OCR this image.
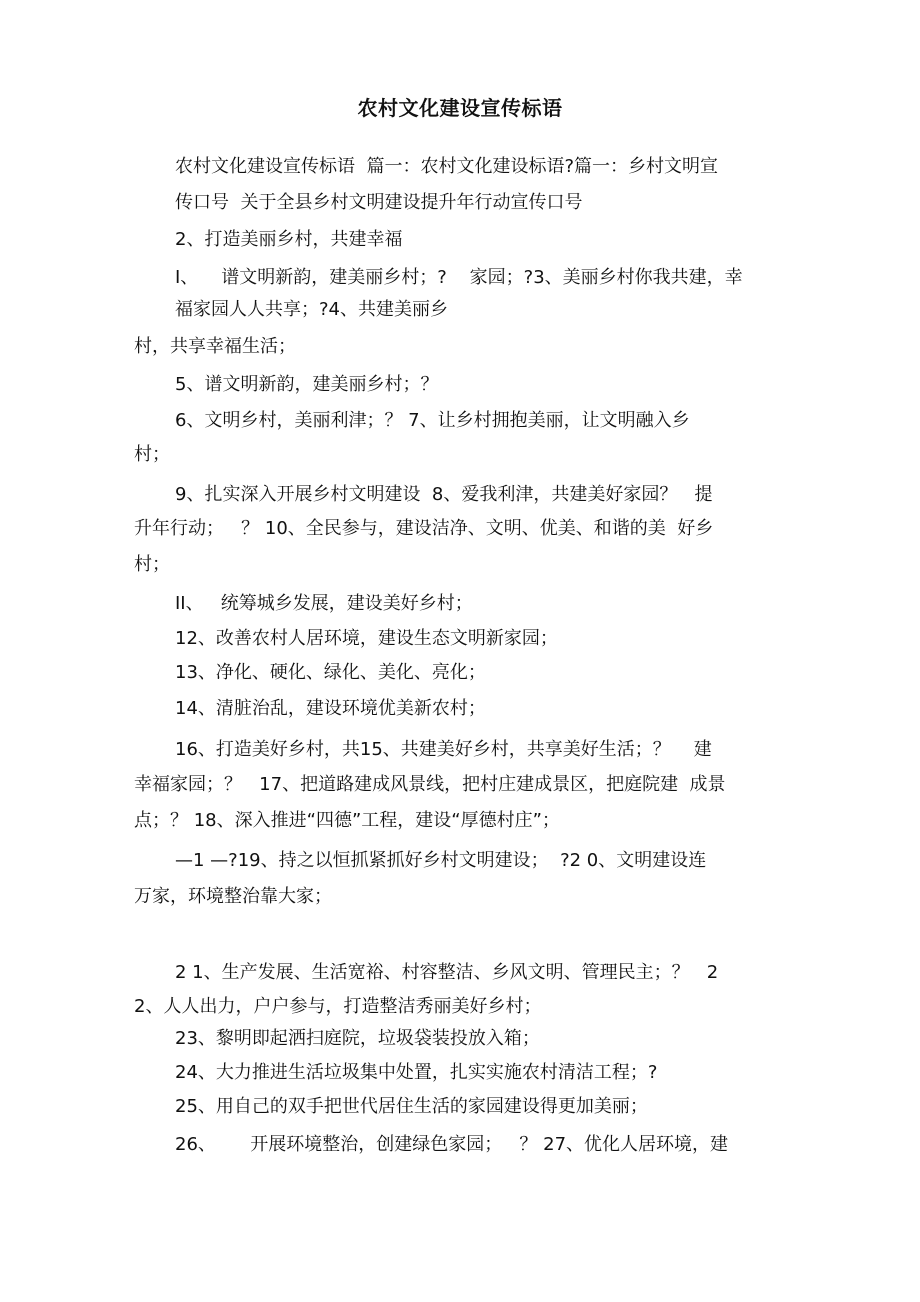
农村文化建设宣传标语
农村文化建设宣传标语  篇一：农村文化建设标语?篇一：乡村文明宣
传口号  关于全县乡村文明建设提升年行动宣传口号
2、打造美丽乡村，共建幸福
I、    谱文明新韵，建美丽乡村；?    家园；?3、美丽乡村你我共建，幸
福家园人人共享；?4、共建美丽乡
村，共享幸福生活；
5、谱文明新韵，建美丽乡村；？
6、文明乡村，美丽利津；？ 7、让乡村拥抱美丽，让文明融入乡
村；
9、扎实深入开展乡村文明建设  8、爱我利津，共建美好家园？   提
升年行动；   ？ 10、全民参与，建设洁净、文明、优美、和谐的美  好乡
村；
II、   统筹城乡发展，建设美好乡村；
12、改善农村人居环境，建设生态文明新家园；
13、净化、硬化、绿化、美化、亮化；
14、清脏治乱，建设环境优美新农村；
16、打造美好乡村，共15、共建美好乡村，共享美好生活；？    建
幸福家园；？   17、把道路建成风景线，把村庄建成景区，把庭院建  成景
点；？ 18、深入推进“四德”工程，建设“厚德村庄”；
—1 —?19、持之以恒抓紧抓好乡村文明建设；  ?2 0、文明建设连
万家，环境整治靠大家；
2 1、生产发展、生活宽裕、村容整洁、乡风文明、管理民主；？   2
2、人人出力，户户参与，打造整洁秀丽美好乡村；
23、黎明即起洒扫庭院，垃圾袋装投放入箱；
24、大力推进生活垃圾集中处置，扎实实施农村清洁工程；?
25、用自己的双手把世代居住生活的家园建设得更加美丽；
26、      开展环境整治，创建绿色家园；   ？ 27、优化人居环境，建
